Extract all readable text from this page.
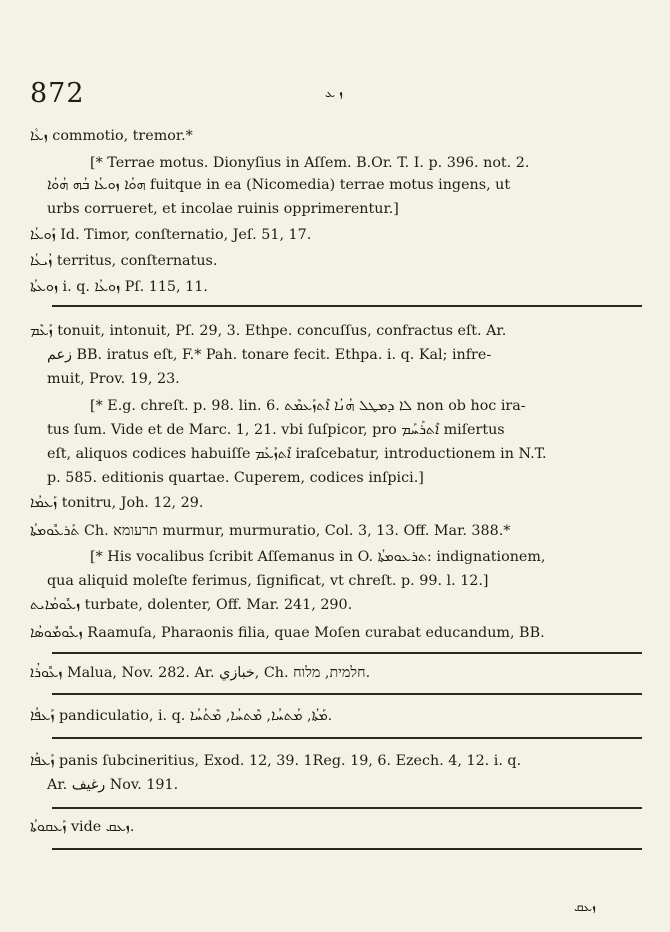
872	ܙ ܥ
ܙܥܵܐ commotio, tremor.*
[* Terrae motus. Dionyſius in Aſſem. B.Or. T. I. p. 396. not. 2.
ܗܘܳܐ ܙܘܥܳܐ ܒܳܗ ܗܳܘܳܐ fuitque in ea (Nicomedia) terrae motus ingens, ut
urbs corrueret, et incolae ruinis opprimerentur.]
ܙܰܘܥܳܐ Id. Timor, conſternatio, Jeſ. 51, 17.
ܙܳܝܥܳܐ territus, conſternatus.
ܙܘܥܬܳܐ i. q. ܙܘܥܳܐ Pſ. 115, 11.
ܙܰܥܶܡ tonuit, intonuit, Pſ. 29, 3. Ethpe. concuſſus, confractus eſt. Ar.
زعم BB. iratus eſt, F.* Pah. tonare fecit. Ethpa. i. q. Kal; infre-
muit, Prov. 19, 23.
[* E.g. chreſt. p. 98. lin. 6. ܠܐ ܕܡܛܠ ܗܳܢܳܐ ܐܶܬܙܰܥܡܶܬ non ob hoc ira-
tus ſum. Vide et de Marc. 1, 21. vbi ſuſpicor, pro ܐܶܬܪܰܚܰܡ miſertus
eſt, aliquos codices habuiſſe ܐܶܬܙܰܥܰܡ iraſcebatur, introductionem in N.T.
p. 585. editionis quartae. Cuperem, codices inſpici.]
ܙܰܥܡܳܐ tonitru, Joh. 12, 29.
ܬܰܪܥܽܘܡܬܳܐ Ch. תרעומא murmur, murmuratio, Col. 3, 13. Off. Mar. 388.*
[* His vocalibus ſcribit Aſſemanus in O. ܬܪܥܘܡܬܳܐ: indignationem,
qua aliquid moleſte ferimus, ſignificat, vt chreſt. p. 99. l. 12.]
ܙܥܽܘܡܳܐܝܬ turbate, dolenter, Off. Mar. 241, 290.
ܙܥܽܘܡܽܘܣܳܐ Raamuſa, Pharaonis filia, quae Moſen curabat educandum, BB.
ܙܥܽܘܪܳܐ Malua, Nov. 282. Ar. خبازي, Ch. חלמית, מלוח.
ܙܰܥܦܳܐ pandiculatio, i. q. ܡܰܬܳܐ, ܡܳܬܚܳܐ, ܡܶܬܚܳܐ, ܡܶܬܳܚܳܐ.
ܙܰܥܦܳܐ panis ſubcineritius, Exod. 12, 39. 1Reg. 19, 6. Ezech. 4, 12. i. q.
Ar. رغيف Nov. 191.
ܙܰܥܩܘܬܳܐ vide ܙܥܩ.
ܙܥܩ
